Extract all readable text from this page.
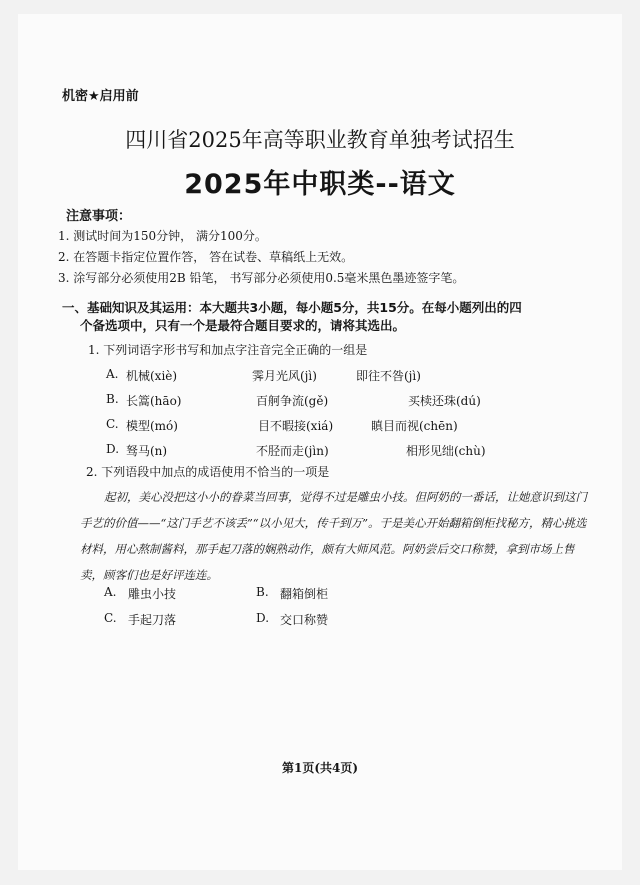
机密★启用前
四川省2025年高等职业教育单独考试招生
2025年中职类--语文
注意事项：
1. 测试时间为150分钟， 满分100分。
2. 在答题卡指定位置作答， 答在试卷、草稿纸上无效。
3. 涂写部分必须使用2B 铅笔， 书写部分必须使用0.5毫米黑色墨迹签字笔。
一、基础知识及其运用：本大题共3小题，每小题5分，共15分。在每小题列出的四
个备选项中，只有一个是最符合题目要求的，请将其选出。
1. 下列词语字形书写和加点字注音完全正确的一组是
A. 机械(xiè)	霁月光风(jì)	即往不咎(jì)
B. 长篙(hāo)	百舸争流(gě)	买椟还珠(dú)
C. 模型(mó)	目不暇接(xiá)	瞋目而视(chēn)
D. 驽马(n)	不胫而走(jìn)	相形见绌(chù)
2. 下列语段中加点的成语使用不恰当的一项是
起初，美心没把这小小的眷菜当回事，觉得不过是雕虫小技。但阿奶的一番话，让她意识到这门手艺的价值——“这门手艺不该丢”“以小见大，传千到万”。于是美心开始翻箱倒柜找秘方，精心挑选材料，用心熬制酱料，那手起刀落的娴熟动作，颇有大师风范。阿奶尝后交口称赞，拿到市场上售卖，顾客们也是好评连连。
A. 雕虫小技	B. 翻箱倒柜
C. 手起刀落	D. 交口称赞
第1页(共4页)
